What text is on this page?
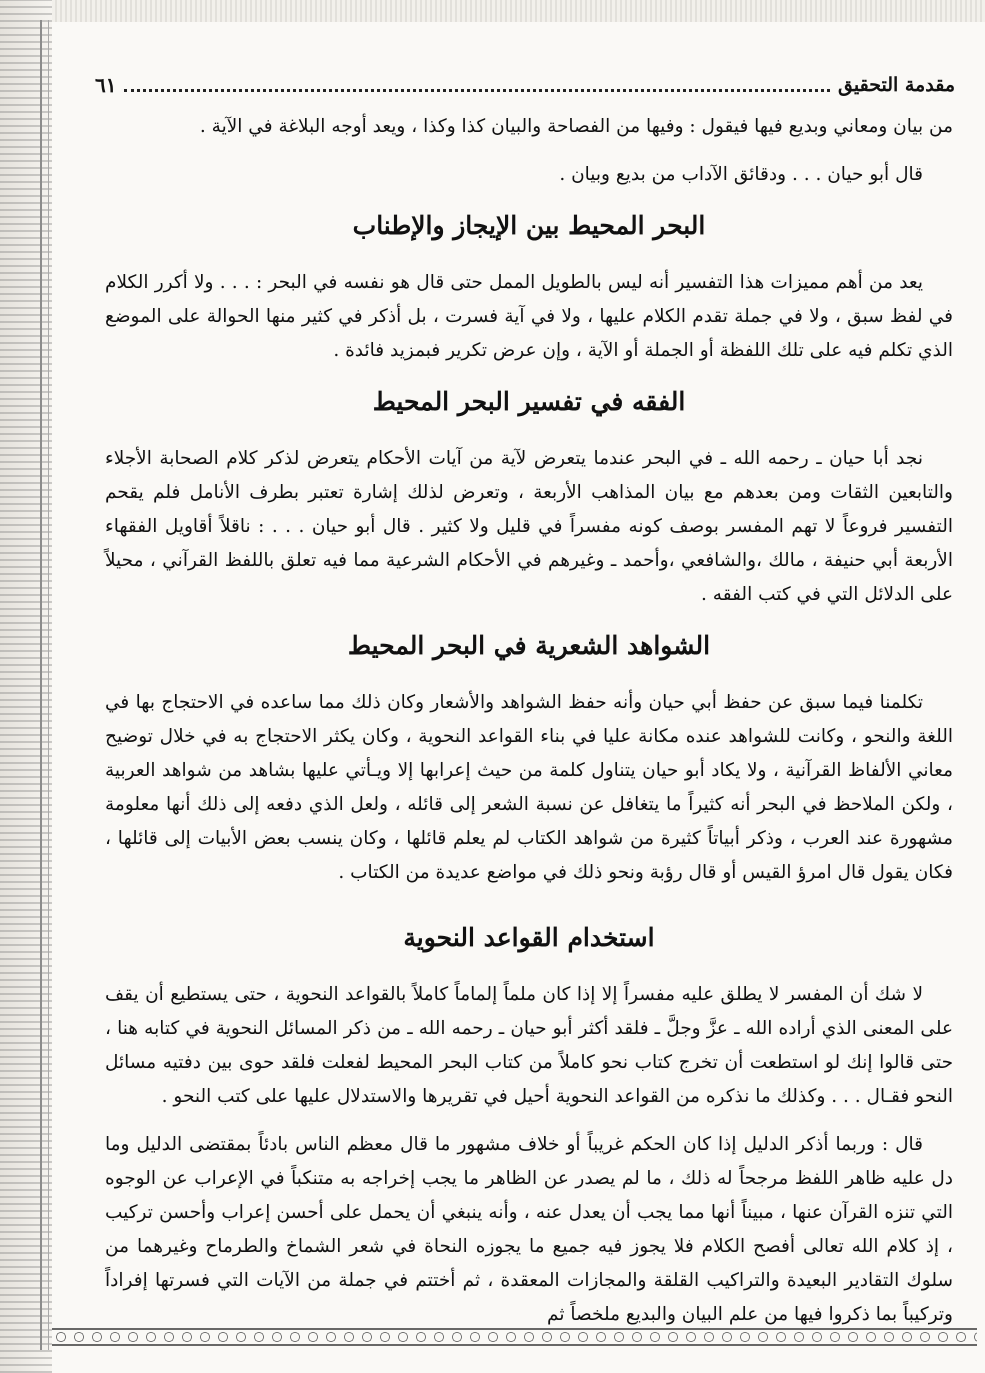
مقدمة التحقيق
٦١

من بيان ومعاني وبديع فيها فيقول : وفيها من الفصاحة والبيان كذا وكذا ، ويعد أوجه البلاغة في الآية .

قال أبو حيان . . . ودقائق الآداب من بديع وبيان .

البحر المحيط بين الإيجاز والإطناب

يعد من أهم مميزات هذا التفسير أنه ليس بالطويل الممل حتى قال هو نفسه في البحر : . . . ولا أكرر الكلام في لفظ سبق ، ولا في جملة تقدم الكلام عليها ، ولا في آية فسرت ، بل أذكر في كثير منها الحوالة على الموضع الذي تكلم فيه على تلك اللفظة أو الجملة أو الآية ، وإن عرض تكرير فبمزيد فائدة .

الفقه في تفسير البحر المحيط

نجد أبا حيان ـ رحمه الله ـ في البحر عندما يتعرض لآية من آيات الأحكام يتعرض لذكر كلام الصحابة الأجلاء والتابعين الثقات ومن بعدهم مع بيان المذاهب الأربعة ، وتعرض لذلك إشارة تعتبر بطرف الأنامل فلم يقحم التفسير فروعاً لا تهم المفسر بوصف كونه مفسراً في قليل ولا كثير . قال أبو حيان . . . : ناقلاً أقاويل الفقهاء الأربعة أبي حنيفة ، مالك ،والشافعي ،وأحمد ـ وغيرهم في الأحكام الشرعية مما فيه تعلق باللفظ القرآني ، محيلاً على الدلائل التي في كتب الفقه .

الشواهد الشعرية في البحر المحيط

تكلمنا فيما سبق عن حفظ أبي حيان وأنه حفظ الشواهد والأشعار وكان ذلك مما ساعده في الاحتجاج بها في اللغة والنحو ، وكانت للشواهد عنده مكانة عليا في بناء القواعد النحوية ، وكان يكثر الاحتجاج به في خلال توضيح معاني الألفاظ القرآنية ، ولا يكاد أبو حيان يتناول كلمة من حيث إعرابها إلا ويـأتي عليها بشاهد من شواهد العربية ، ولكن الملاحظ في البحر أنه كثيراً ما يتغافل عن نسبة الشعر إلى قائله ، ولعل الذي دفعه إلى ذلك أنها معلومة مشهورة عند العرب ، وذكر أبياتاً كثيرة من شواهد الكتاب لم يعلم قائلها ، وكان ينسب بعض الأبيات إلى قائلها ، فكان يقول قال امرؤ القيس أو قال رؤبة ونحو ذلك في مواضع عديدة من الكتاب .

استخدام القواعد النحوية

لا شك أن المفسر لا يطلق عليه مفسراً إلا إذا كان ملماً إلماماً كاملاً بالقواعد النحوية ، حتى يستطيع أن يقف على المعنى الذي أراده الله ـ عزَّ وجلَّ ـ فلقد أكثر أبو حيان ـ رحمه الله ـ من ذكر المسائل النحوية في كتابه هنا ، حتى قالوا إنك لو استطعت أن تخرج كتاب نحو كاملاً من كتاب البحر المحيط لفعلت فلقد حوى بين دفتيه مسائل النحو فقـال . . . وكذلك ما نذكره من القواعد النحوية أحيل في تقريرها والاستدلال عليها على كتب النحو .

قال : وربما أذكر الدليل إذا كان الحكم غريباً أو خلاف مشهور ما قال معظم الناس بادئاً بمقتضى الدليل وما دل عليه ظاهر اللفظ مرجحاً له ذلك ، ما لم يصدر عن الظاهر ما يجب إخراجه به متنكباً في الإعراب عن الوجوه التي تنزه القرآن عنها ، مبيناً أنها مما يجب أن يعدل عنه ، وأنه ينبغي أن يحمل على أحسن إعراب وأحسن تركيب ، إذ كلام الله تعالى أفصح الكلام فلا يجوز فيه جميع ما يجوزه النحاة في شعر الشماخ والطرماح وغيرهما من سلوك التقادير البعيدة والتراكيب القلقة والمجازات المعقدة ، ثم أختتم في جملة من الآيات التي فسرتها إفراداً وتركيباً بما ذكروا فيها من علم البيان والبديع ملخصاً ثم
